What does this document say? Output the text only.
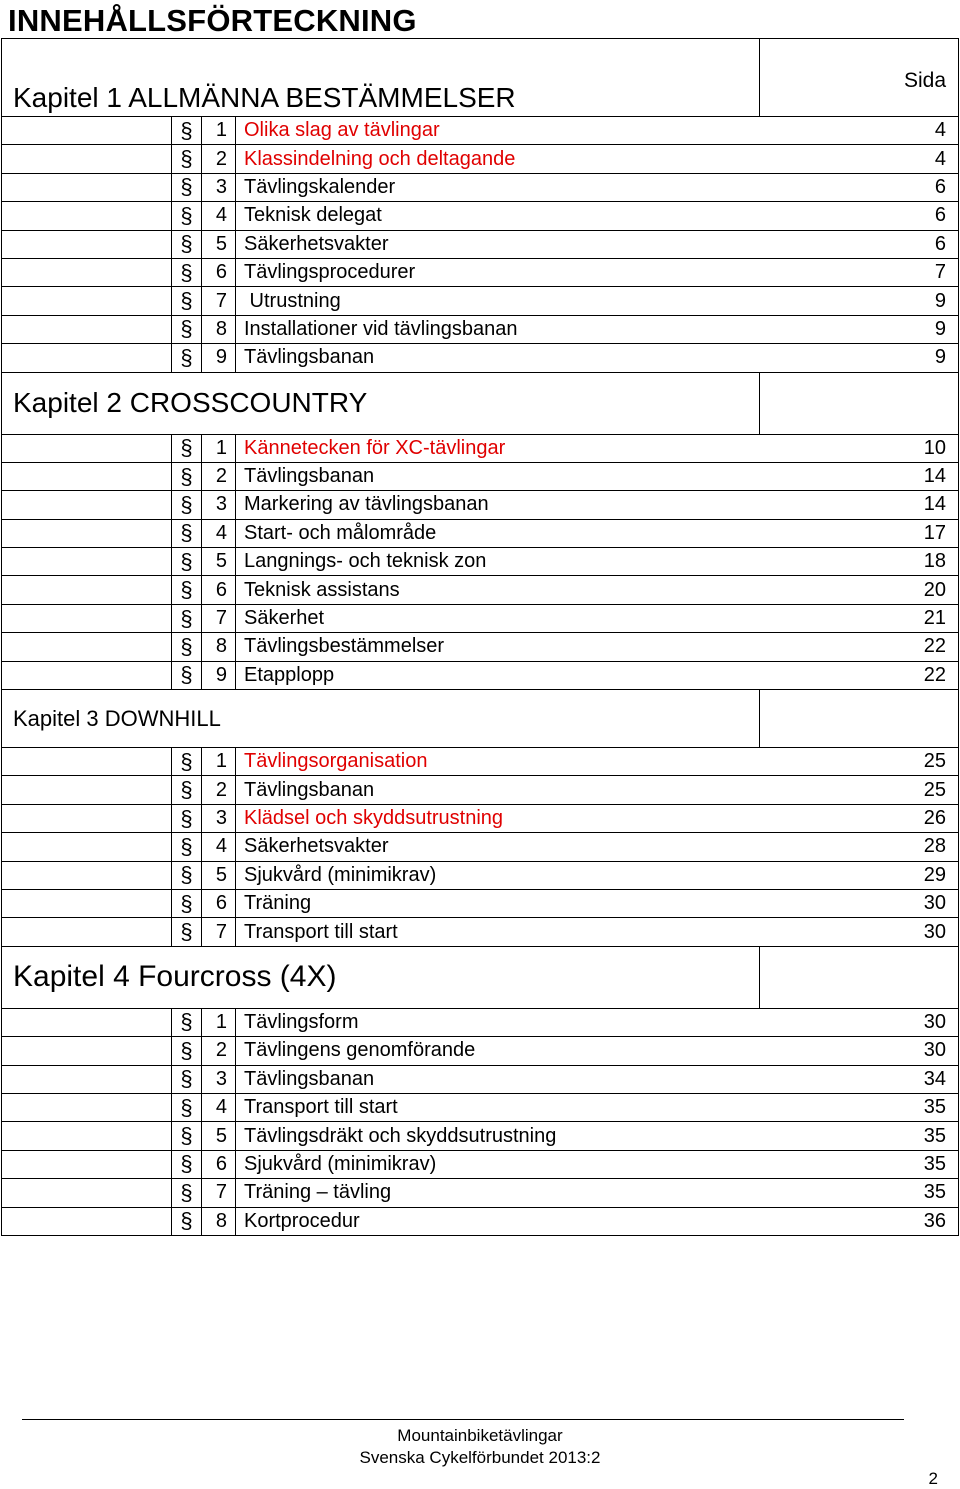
INNEHÅLLSFÖRTECKNING
Kapitel 1 ALLMÄNNA BESTÄMMELSER				Sida
	§	1	Olika slag av tävlingar	4
	§	2	Klassindelning och deltagande	4
	§	3	Tävlingskalender	6
	§	4	Teknisk delegat	6
	§	5	Säkerhetsvakter	6
	§	6	Tävlingsprocedurer	7
	§	7	Utrustning	9
	§	8	Installationer vid tävlingsbanan	9
	§	9	Tävlingsbanan	9

Kapitel 2 CROSSCOUNTRY				

	§	1	Kännetecken för XC-tävlingar	10
	§	2	Tävlingsbanan	14
	§	3	Markering av tävlingsbanan	14
	§	4	Start- och målområde	17
	§	5	Langnings- och teknisk zon	18
	§	6	Teknisk assistans	20
	§	7	Säkerhet	21
	§	8	Tävlingsbestämmelser	22
	§	9	Etapplopp	22

Kapitel 3 DOWNHILL				

	§	1	Tävlingsorganisation	25
	§	2	Tävlingsbanan	25
	§	3	Klädsel och skyddsutrustning	26
	§	4	Säkerhetsvakter	28
	§	5	Sjukvård (minimikrav)	29
	§	6	Träning	30
	§	7	Transport till start	30

Kapitel 4 Fourcross (4X)				

	§	1	Tävlingsform	30
	§	2	Tävlingens genomförande	30
	§	3	Tävlingsbanan	34
	§	4	Transport till start	35
	§	5	Tävlingsdräkt och skyddsutrustning	35
	§	6	Sjukvård (minimikrav)	35
	§	7	Träning – tävling	35
	§	8	Kortprocedur	36
Mountainbiketävlingar
Svenska Cykelförbundet 2013:2
2
